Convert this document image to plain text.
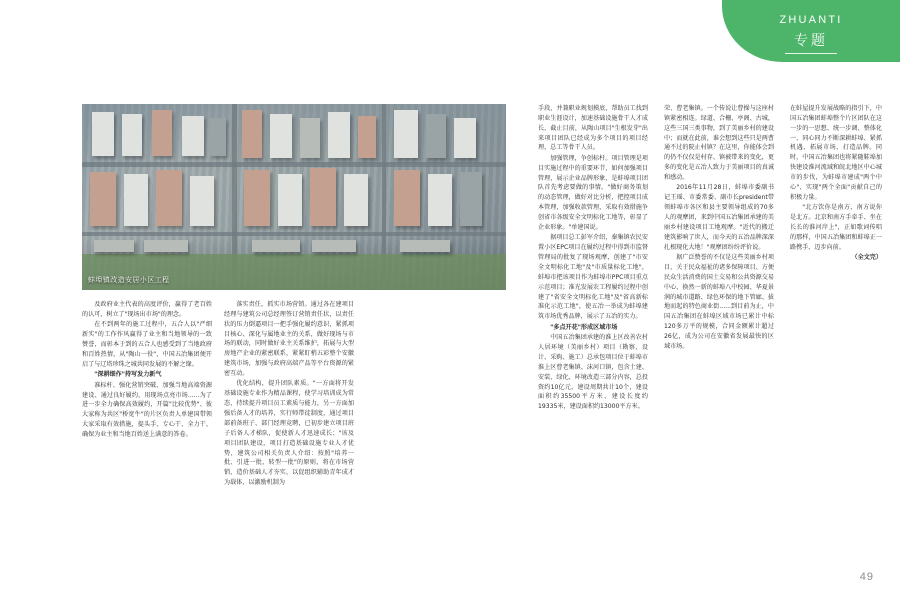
ZHUANTI
专题
蚌埠镇改造安居小区工程

及政府业主代表的高度评价，赢得了老百姓的认可，树立了"现场出市场"的理念。

在不到两年的施工过程中，五合人以"严细新实"的工作作风赢得了业主和当地领导的一致赞誉，而彰本于到的五合人也感受到了当地政府和百姓热情，从"陶山一役"，中国五冶集团便开启了与辽塔珍珠之城共同发展的不解之缘。

"深耕细作"持写发力新气

准标杆、强化营销突破、加强当地高端资源建设、通过良好履约，用现场点亮市场......为了进一步全力确保高效履约，开篇"比较优势"、彼大家称为共区"桥宽牛"的片区负责人单建国带领大家采取有效措施，提头手、专心干、全力干、确保为业主和当地百姓送上满意的答卷。

落实责任，抓实市场营销。通过各在建项目经理与建筑公司总经理签订营销责任状，以责任状的压力倒逼项目一把手强化履约意识，紧抓项目核心、深化与属地业主的关系，做好现场与市场的联动，同时做好业主关系维护，拓展与大型房地产企业的紧密联系，紧紧盯梢五彩整个安徽建筑市场，加强与政府高端产品等平台资源的紧密互动。

优化结构，提升团队素质。"一方面将开发基础设施专业作为精品课程，使学习培训成为常态、持续提升项目员工素质与能力，另一方面加强后备人才的培养，实行师带徒制度，通过项目部前备班子、部门经理竞聘，已初步建立项目班子后备人才梯队，促使新人才迅速成长；"该及项目团队建设，项目打造基础设施专业人才优势，建筑公司相关负责人介绍：按照"培养一批、引进一批、转型一批"的原则，将在市场营销、造价基础人才夯实，以促组织辅助青年成才为载体，以激励机制为

手段，并兼职业规划摸底，帮助员工找到职业生涯设计，加速基础设施骨干人才成长，截止目前，从陶山项目"生根发芽"出来项目团队已经成为多个项目的项目经理，总工等骨干人员。

加强管理，争创标杆。项目管理是项目实施过程中的重要环节，如何加强项目管理，展示企业品牌形象，是蚌埠项目团队首先考虑要做的事情。"做好商务策划的动态管理，做好对比分析，把控项目成本管理，加强收款管理，采取有效措施争创省市各级安全文明标化工地等，彰显了企业形象。"单建国说。

据项目总工彭军介绍，秦集镇农民安置小区EPC项目在履约过程中得到市监督管理局的批复了现场观摩，创建了"市安全文明标化工地"及"市质量标化工地"，蚌埠市把该项目作为蚌埠市PPC项目重点示范项目；准光发展农工程履约过程中创建了"省安全文明标化工地"及"省高新标准化示范工地"，使五冶一举成为蚌埠建筑市场优秀品牌，展示了五冶的实力。

"多点开花"形成区域市场

中国五冶集团承建的淮上区改善农村人居环境（美丽乡村）项目（勘察、设计、采购、施工）总承包项目位于蚌埠市淮上区曹老集镇、沫河口镇，包含土建、安装、绿化、环境改造三部分内容，总投资约10亿元，建设周期共计10个，建设面积约35500平方米、建设长度约19335米，建设面积约13000平方米。

荣、曹老集镇。一个传说让曹操与这座村镇紧密相连。绿道、合栅、亭阁、古城，这些三国三类事物，到了美丽乡村的建设中；而就在此前，谁会想到这些只是两曹通不过的院止村镇？在这里，你能体会到的仍不仅仅是村存、镇被带来的变化，更多的变化是五冶人致力于美丽项目的真诚和感动。

2016年11月28日，蚌埠市委副书记王瑶、市委常委、副市长president带领蚌埠市各区和县主要领导组成的70多人的观摩团，来到中国五冶集团承建的美丽乡村建设项目工地观摩。"近代的搬迁建筑影响了世人，而今天的五冶品牌深深扎根现化大地！"观摩团纷纷评价说。

据广泛赞誉的不仅是这些美丽乡村项目，关于民众福祉的诸多保障项目、方便民众生活消费的国土交易和公共资源交易中心、换然一新的蚌埠八中校园、华夏景润的城市道路、绿色环保的地下管廊、拔地而起的特色商业街......到目前为止，中国五冶集团在蚌埠区域市场已累计中标120多万平的规模，合同金额累计超过26亿，成为公司在安徽省发展最快的区域市场。

在蚌屋提升发展战略的指引下，中国五冶集团蚌埠整个片区团队在这一步的一思想、统一步调、整体化一、同心同力不断深耕蚌埠、紧抓机遇、拓展市场、打造品牌。同时，中国五冶集团也将紧随鞋埠加快建设淮河流域和皖北地区中心城市的步伐，为蚌埠市建成"两个中心"、实现"两个全面"贡献自己的积极力量。

"北方饮你是南方，南方说你是北方。北京和南方手牵手、坐在长长的淮河岸上"，正如歌词传唱的那样，中国五冶集团和蚌埠正一路携手、迈步向前。

（全文完）

49
